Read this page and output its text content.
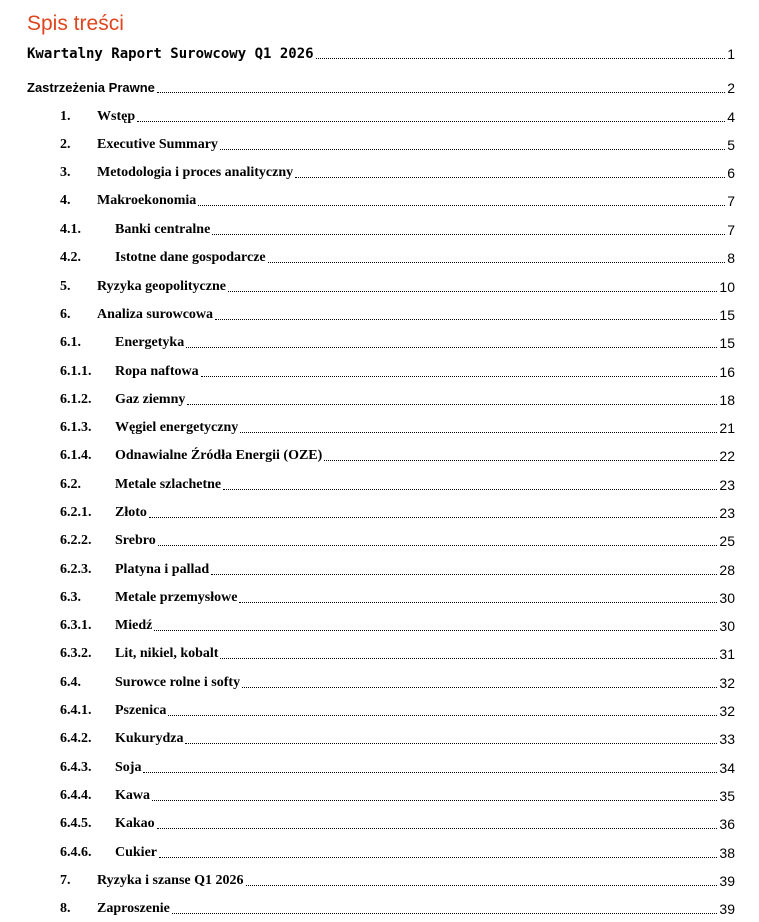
Spis treści
Kwartalny Raport Surowcowy Q1 2026	1
Zastrzeżenia Prawne	2
1. Wstęp	4
2. Executive Summary	5
3. Metodologia i proces analityczny	6
4. Makroekonomia	7
4.1. Banki centralne	7
4.2. Istotne dane gospodarcze	8
5. Ryzyka geopolityczne	10
6. Analiza surowcowa	15
6.1. Energetyka	15
6.1.1. Ropa naftowa	16
6.1.2. Gaz ziemny	18
6.1.3. Węgiel energetyczny	21
6.1.4. Odnawialne Źródła Energii (OZE)	22
6.2. Metale szlachetne	23
6.2.1. Złoto	23
6.2.2. Srebro	25
6.2.3. Platyna i pallad	28
6.3. Metale przemysłowe	30
6.3.1. Miedź	30
6.3.2. Lit, nikiel, kobalt	31
6.4. Surowce rolne i softy	32
6.4.1. Pszenica	32
6.4.2. Kukurydza	33
6.4.3. Soja	34
6.4.4. Kawa	35
6.4.5. Kakao	36
6.4.6. Cukier	38
7. Ryzyka i szanse Q1 2026	39
8. Zaproszenie	39
